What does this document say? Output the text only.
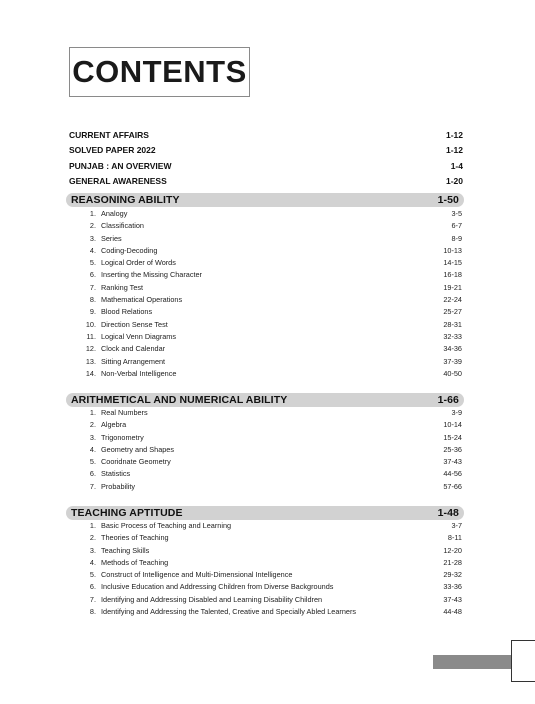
CONTENTS
CURRENT AFFAIRS	1-12
SOLVED PAPER 2022	1-12
PUNJAB : AN OVERVIEW	1-4
GENERAL AWARENESS	1-20
REASONING ABILITY	1-50
1. Analogy	3-5
2. Classification	6-7
3. Series	8-9
4. Coding-Decoding	10-13
5. Logical Order of Words	14-15
6. Inserting the Missing Character	16-18
7. Ranking Test	19-21
8. Mathematical Operations	22-24
9. Blood Relations	25-27
10. Direction Sense Test	28-31
11. Logical Venn Diagrams	32-33
12. Clock and Calendar	34-36
13. Sitting Arrangement	37-39
14. Non-Verbal Intelligence	40-50
ARITHMETICAL AND NUMERICAL ABILITY	1-66
1. Real Numbers	3-9
2. Algebra	10-14
3. Trigonometry	15-24
4. Geometry and Shapes	25-36
5. Cooridnate Geometry	37-43
6. Statistics	44-56
7. Probability	57-66
TEACHING APTITUDE	1-48
1. Basic Process of Teaching and Learning	3-7
2. Theories of Teaching	8-11
3. Teaching Skills	12-20
4. Methods of Teaching	21-28
5. Construct of Intelligence and Multi-Dimensional Intelligence	29-32
6. Inclusive Education and Addressing Children from Diverse Backgrounds	33-36
7. Identifying and Addressing Disabled and Learning Disability Children	37-43
8. Identifying and Addressing the Talented, Creative and Specially Abled Learners	44-48
